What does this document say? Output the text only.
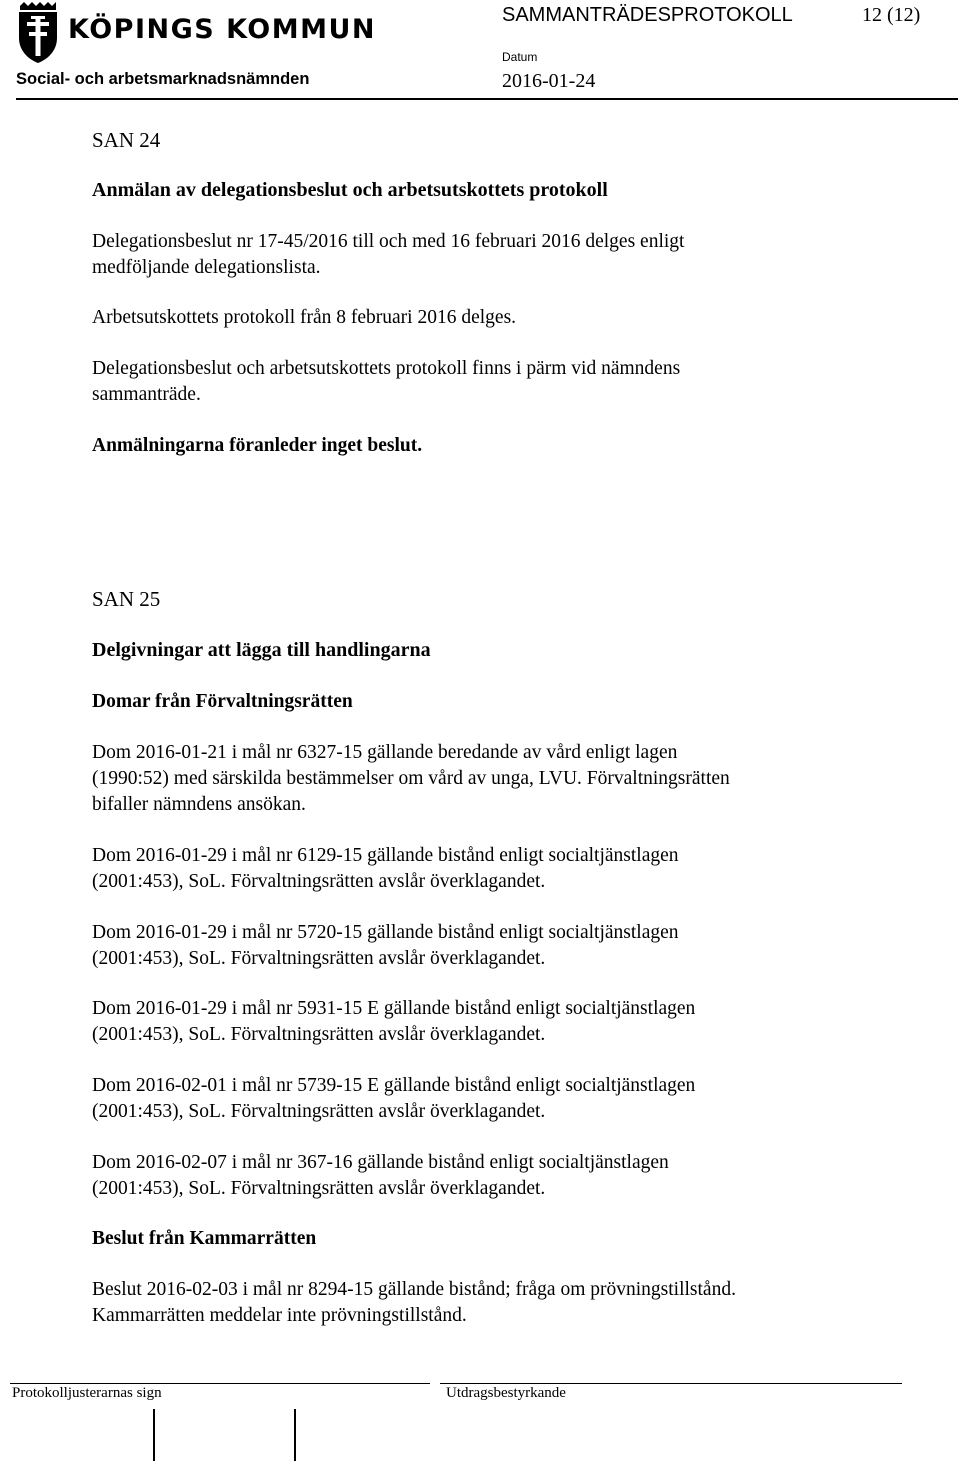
KÖPINGS KOMMUN
Social- och arbetsmarknadsnämnden
SAMMANTRÄDESPROTOKOLL	12 (12)
Datum
2016-01-24
SAN 24
Anmälan av delegationsbeslut och arbetsutskottets protokoll
Delegationsbeslut nr 17-45/2016 till och med 16 februari 2016 delges enligt
medföljande delegationslista.
Arbetsutskottets protokoll från 8 februari 2016 delges.
Delegationsbeslut och arbetsutskottets protokoll finns i pärm vid nämndens
sammanträde.
Anmälningarna föranleder inget beslut.
SAN 25
Delgivningar att lägga till handlingarna
Domar från Förvaltningsrätten
Dom 2016-01-21 i mål nr 6327-15 gällande beredande av vård enligt lagen
(1990:52) med särskilda bestämmelser om vård av unga, LVU. Förvaltningsrätten
bifaller nämndens ansökan.
Dom 2016-01-29 i mål nr 6129-15 gällande bistånd enligt socialtjänstlagen
(2001:453), SoL. Förvaltningsrätten avslår överklagandet.
Dom 2016-01-29 i mål nr 5720-15 gällande bistånd enligt socialtjänstlagen
(2001:453), SoL. Förvaltningsrätten avslår överklagandet.
Dom 2016-01-29 i mål nr 5931-15 E gällande bistånd enligt socialtjänstlagen
(2001:453), SoL. Förvaltningsrätten avslår överklagandet.
Dom 2016-02-01 i mål nr 5739-15 E gällande bistånd enligt socialtjänstlagen
(2001:453), SoL. Förvaltningsrätten avslår överklagandet.
Dom 2016-02-07 i mål nr 367-16 gällande bistånd enligt socialtjänstlagen
(2001:453), SoL. Förvaltningsrätten avslår överklagandet.
Beslut från Kammarrätten
Beslut 2016-02-03 i mål nr 8294-15 gällande bistånd; fråga om prövningstillstånd.
Kammarrätten meddelar inte prövningstillstånd.
Protokolljusterarnas sign	Utdragsbestyrkande
